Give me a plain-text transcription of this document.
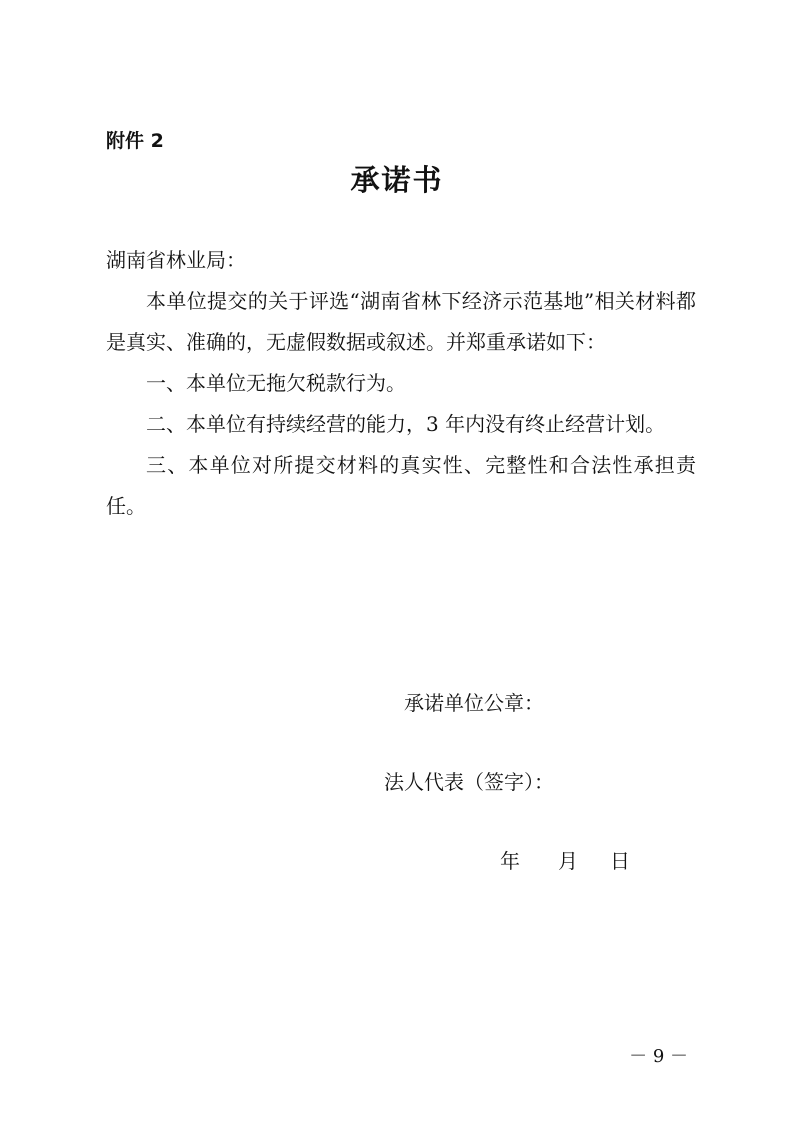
附件 2
承诺书

湖南省林业局：

本单位提交的关于评选“湖南省林下经济示范基地”相关材料都是真实、准确的，无虚假数据或叙述。并郑重承诺如下：

一、本单位无拖欠税款行为。

二、本单位有持续经营的能力，3 年内没有终止经营计划。

三、本单位对所提交材料的真实性、完整性和合法性承担责任。

承诺单位公章：
法人代表（签字）：
年	月	日
－ 9 －
